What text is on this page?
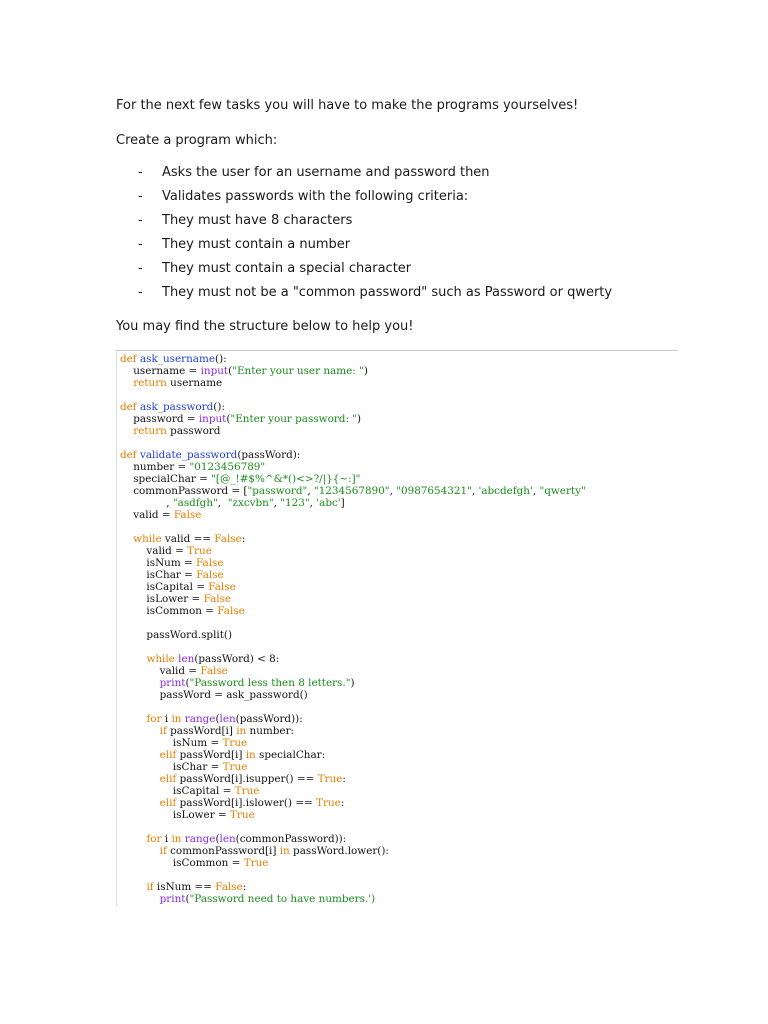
For the next few tasks you will have to make the programs yourselves!
Create a program which:
-	Asks the user for an username and password then
-	Validates passwords with the following criteria:
-	They must have 8 characters
-	They must contain a number
-	They must contain a special character
-	They must not be a "common password" such as Password or qwerty
You may find the structure below to help you!
def ask_username():
username = input("Enter your user name: ")
return username

def ask_password():
password = input("Enter your password: ")
return password

def validate_password(passWord):
number = "0123456789"
specialChar = "[@_!#$%^&*()<>?/|}{~:]"
commonPassword = ["password", "1234567890", "0987654321", 'abcdefgh', "qwerty"
, "asdfgh",  "zxcvbn", "123", 'abc']
valid = False

while valid == False:
valid = True
isNum = False
isChar = False
isCapital = False
isLower = False
isCommon = False

passWord.split()

while len(passWord) < 8:
valid = False
print("Password less then 8 letters.")
passWord = ask_password()

for i in range(len(passWord)):
if passWord[i] in number:
isNum = True
elif passWord[i] in specialChar:
isChar = True
elif passWord[i].isupper() == True:
isCapital = True
elif passWord[i].islower() == True:
isLower = True

for i in range(len(commonPassword)):
if commonPassword[i] in passWord.lower():
isCommon = True

if isNum == False:
print("Password need to have numbers.')
